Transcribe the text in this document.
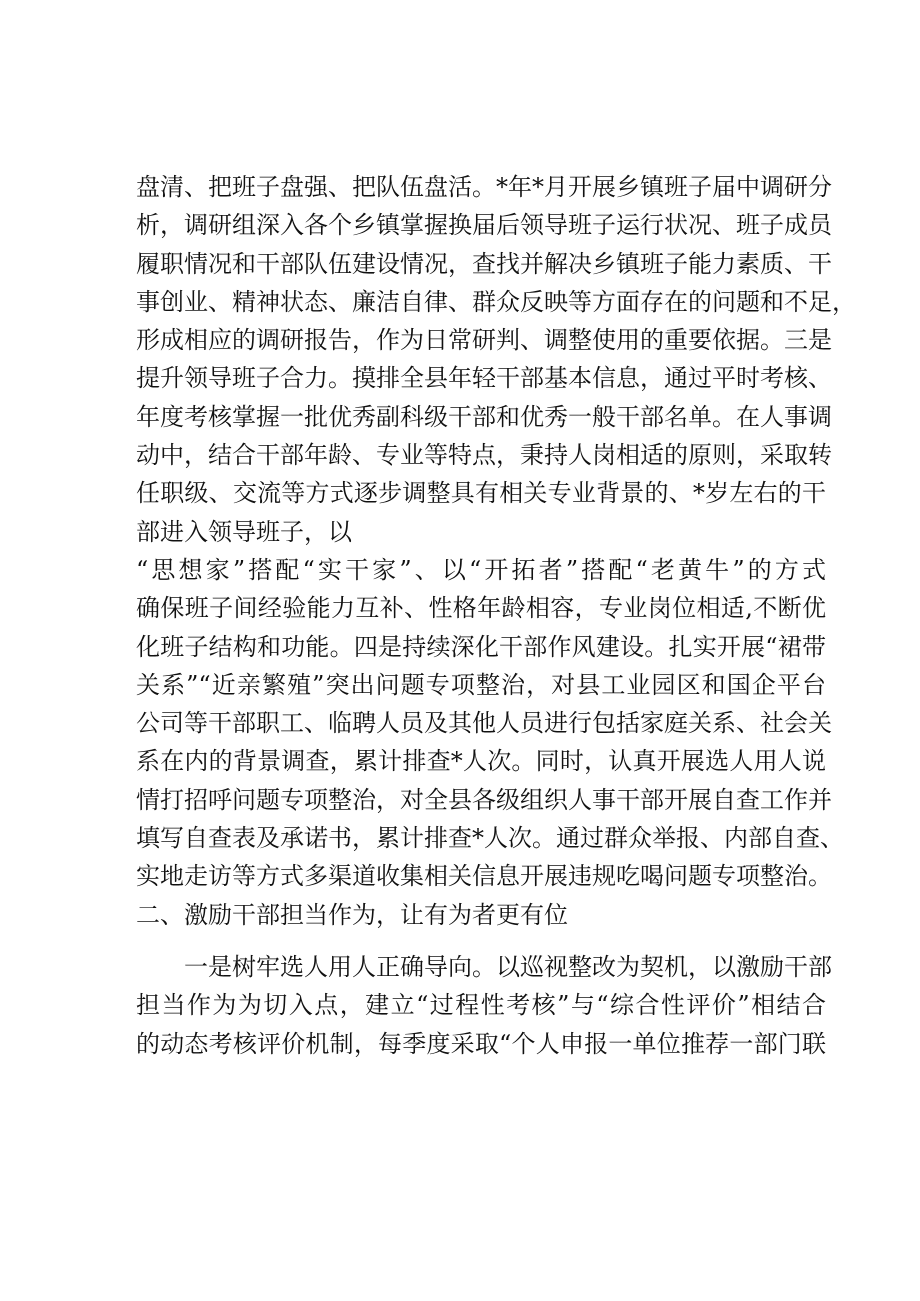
盘清、把班子盘强、把队伍盘活。*年*月开展乡镇班子届中调研分
析，调研组深入各个乡镇掌握换届后领导班子运行状况、班子成员
履职情况和干部队伍建设情况，查找并解决乡镇班子能力素质、干
事创业、精神状态、廉洁自律、群众反映等方面存在的问题和不足，
形成相应的调研报告，作为日常研判、调整使用的重要依据。三是
提升领导班子合力。摸排全县年轻干部基本信息，通过平时考核、
年度考核掌握一批优秀副科级干部和优秀一般干部名单。在人事调
动中，结合干部年龄、专业等特点，秉持人岗相适的原则，采取转
任职级、交流等方式逐步调整具有相关专业背景的、*岁左右的干
部进入领导班子，以
“思想家”搭配“实干家”、以“开拓者”搭配“老黄牛”的方式
确保班子间经验能力互补、性格年龄相容，专业岗位相适,不断优
化班子结构和功能。四是持续深化干部作风建设。扎实开展“裙带
关系”“近亲繁殖”突出问题专项整治，对县工业园区和国企平台
公司等干部职工、临聘人员及其他人员进行包括家庭关系、社会关
系在内的背景调查，累计排查*人次。同时，认真开展选人用人说
情打招呼问题专项整治，对全县各级组织人事干部开展自查工作并
填写自查表及承诺书，累计排查*人次。通过群众举报、内部自查、
实地走访等方式多渠道收集相关信息开展违规吃喝问题专项整治。
二、激励干部担当作为，让有为者更有位
一是树牢选人用人正确导向。以巡视整改为契机，以激励干部
担当作为为切入点，建立“过程性考核”与“综合性评价”相结合
的动态考核评价机制，每季度采取“个人申报一单位推荐一部门联
